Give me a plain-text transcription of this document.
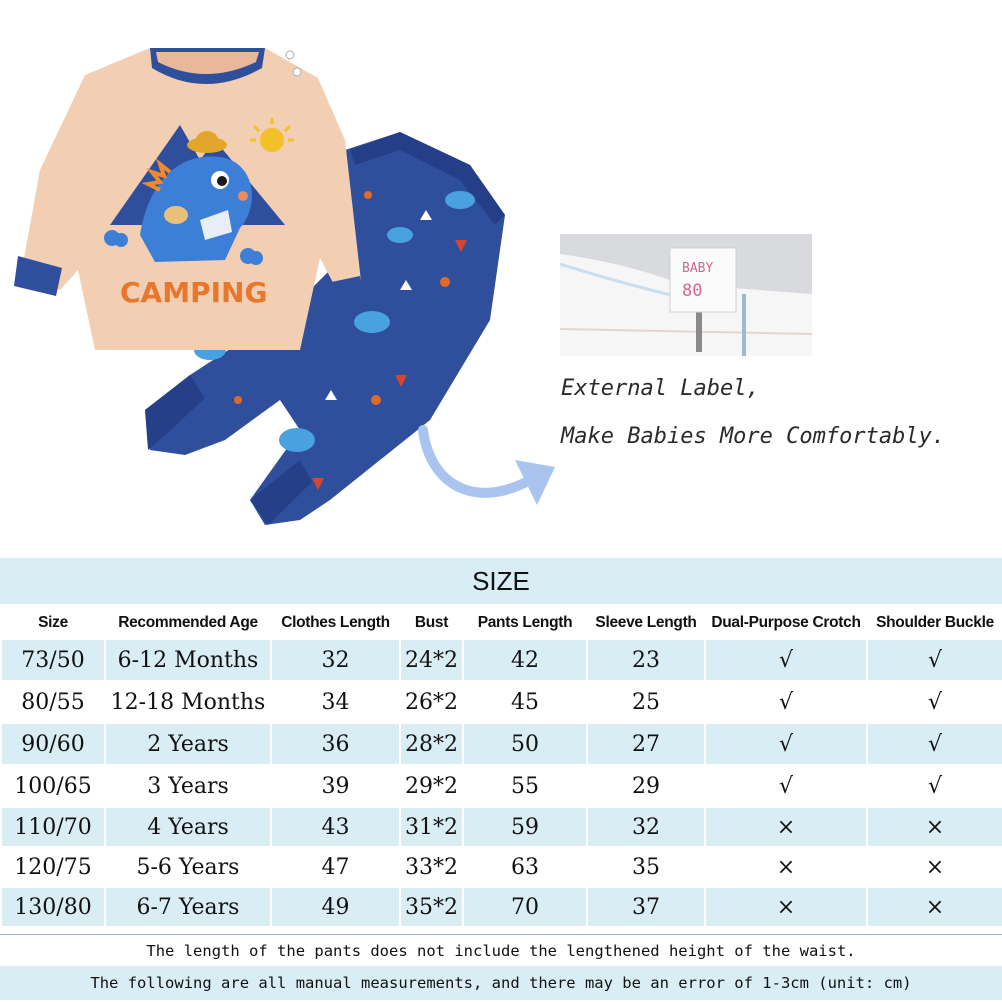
CAMPING
BABY
80
External Label,
Make Babies More Comfortably.
SIZE
Size	Recommended Age	Clothes Length	Bust	Pants Length	Sleeve Length	Dual-Purpose Crotch	Shoulder Buckle
73/50	6-12 Months	32	24*2	42	23	√	√
80/55	12-18 Months	34	26*2	45	25	√	√
90/60	2 Years	36	28*2	50	27	√	√
100/65	3 Years	39	29*2	55	29	√	√
110/70	4 Years	43	31*2	59	32	×	×
120/75	5-6 Years	47	33*2	63	35	×	×
130/80	6-7 Years	49	35*2	70	37	×	×
The length of the pants does not include the lengthened height of the waist.
The following are all manual measurements, and there may be an error of 1-3cm (unit: cm)
